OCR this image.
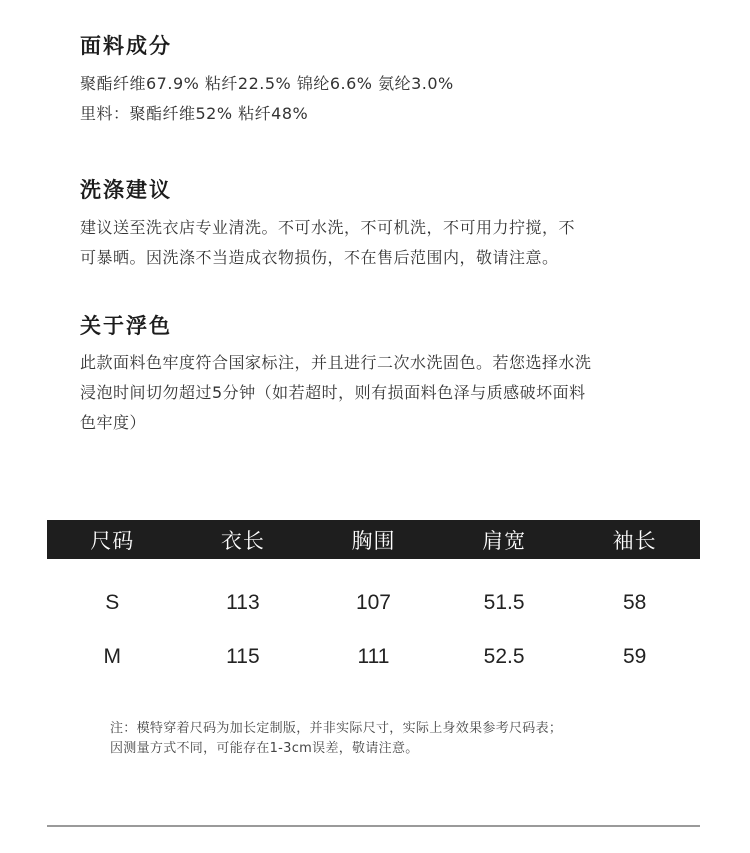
面料成分

聚酯纤维67.9% 粘纤22.5% 锦纶6.6% 氨纶3.0%

里料：聚酯纤维52% 粘纤48%

洗涤建议

建议送至洗衣店专业清洗。不可水洗，不可机洗，不可用力拧搅，不
可暴晒。因洗涤不当造成衣物损伤，不在售后范围内，敬请注意。

关于浮色

此款面料色牢度符合国家标注，并且进行二次水洗固色。若您选择水洗
浸泡时间切勿超过5分钟（如若超时，则有损面料色泽与质感破坏面料
色牢度）

尺码	衣长	胸围	肩宽	袖长
S	113	107	51.5	58
M	115	111	52.5	59
注：模特穿着尺码为加长定制版，并非实际尺寸，实际上身效果参考尺码表；
因测量方式不同，可能存在1-3cm误差，敬请注意。
